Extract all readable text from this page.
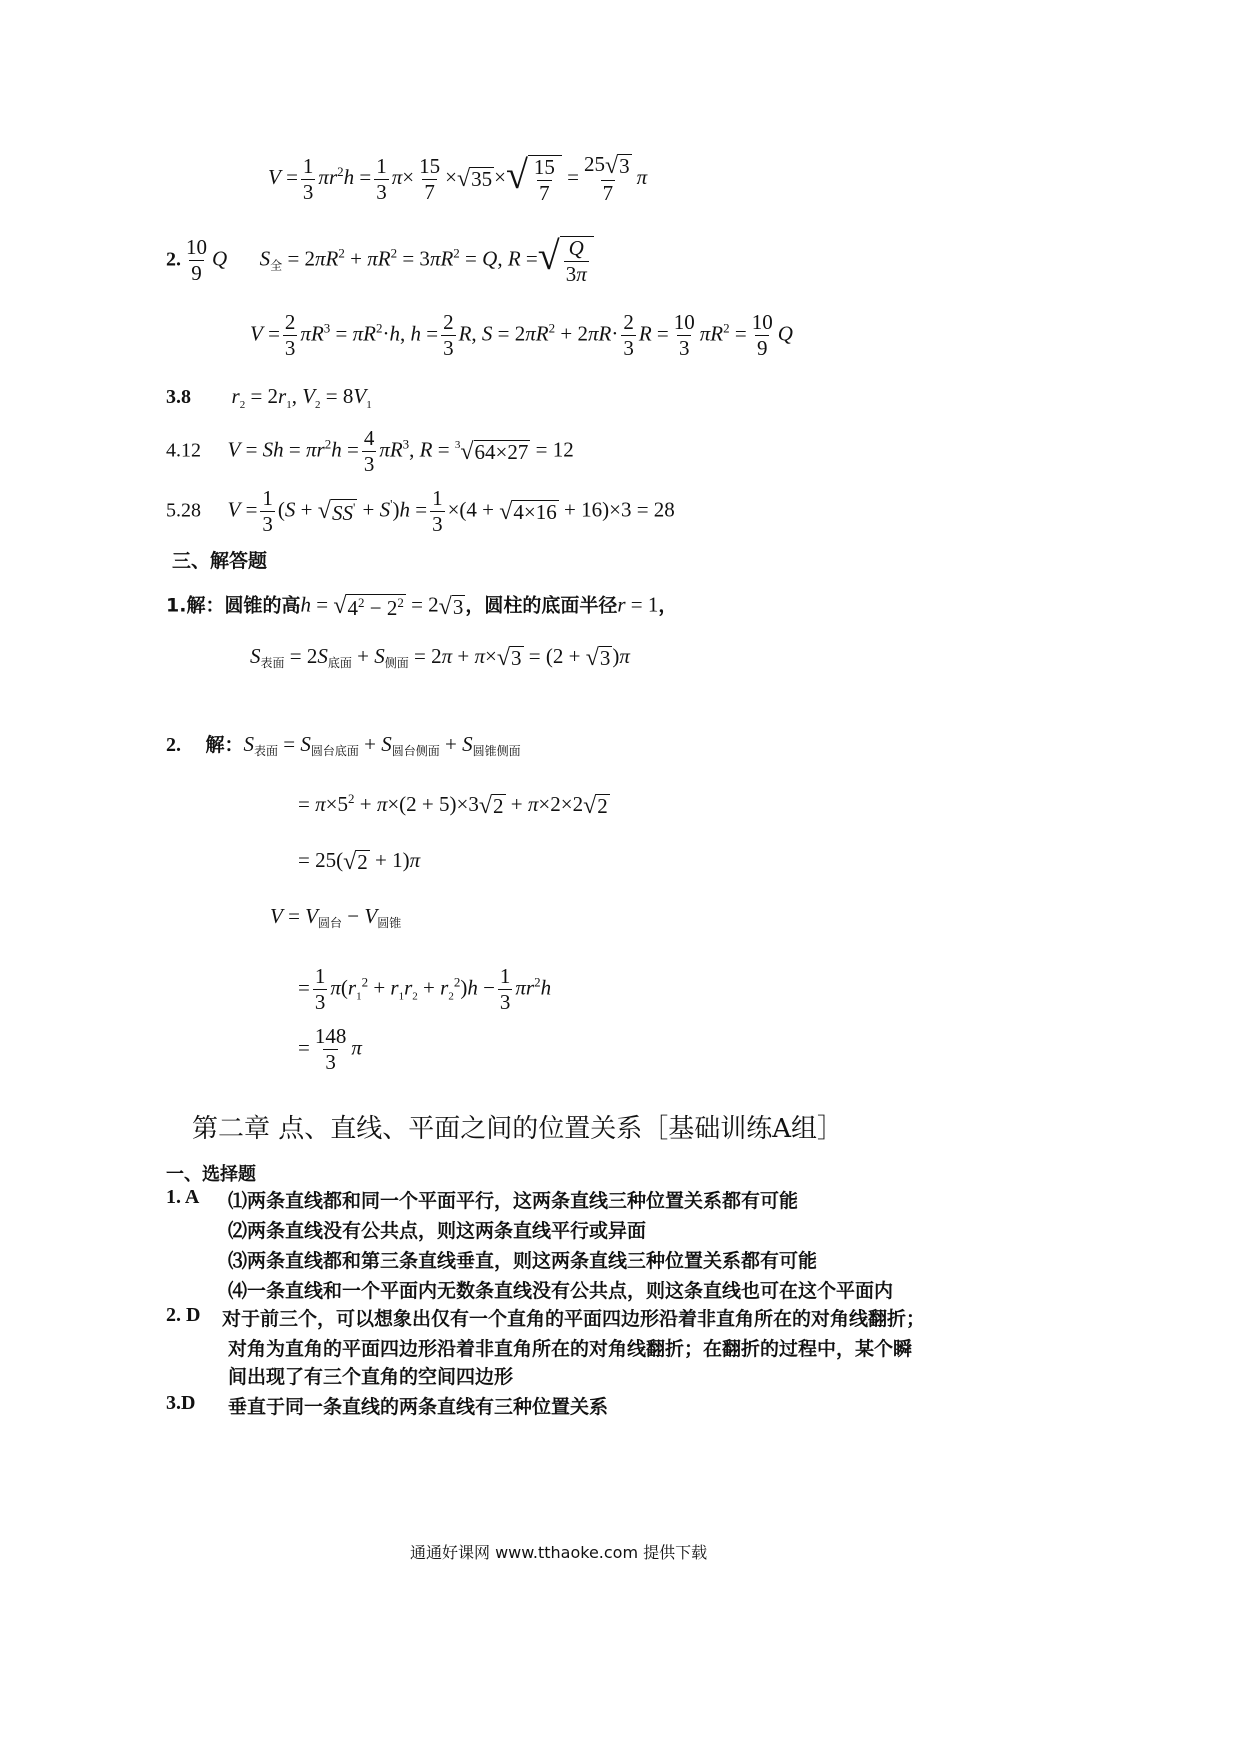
$V = \frac{1}{3} \pi r^2h = \frac{1}{3} \pi\times \frac{15}{7}$ × √ 35 × √ $\frac{15}{7} = \frac{25 √ 3}{7}$ π
2. $\frac{10}{9}$ Q S全 = $2\pi R^2 + \pi R^2 = 3\pi R^2 = Q$, R = √ $\frac{Q}{3\pi}$
$V = \frac{2}{3} \pi R^3 = \pi R^2\cdot h$, $h = \frac{2}{3} R$, $S = 2\pi R^2 + 2\pi R\cdot \frac{2}{3}$ $R = \frac{10}{3} \pi R^2 = \frac{10}{9}$ Q
3.8 $r_2 = 2r_1$, $V_2 = 8V_1$
4.12 $V = Sh = \pi r^2h = \frac{4}{3} \pi R^3$, R = $^3$√ 64×27 = 12
5.28 $V = \frac{1}{3} (S$ + √ $SS' + S')h = \frac{1}{3} \times(4$ + √ 4×16 + 16)×3 = 28
三、解答题
1.解：圆锥的高h = √ $4^2 - 2^2 = 2$ √ 3 ，圆柱的底面半径r = 1，
S表面 = 2S底面 + S侧面 = 2π + π× √ 3 = (2 + √ 3 )π
2. 解：S表面 = S圆台底面 + S圆台侧面 + S圆锥侧面
= $\pi\times 5^2 + \pi\times(2 + 5)\times 3$ √ 2 + π×2×2 √ 2
= 25( √ 2 + 1)π
V = V圆台 − V圆锥
= $\frac{1}{3} \pi(r_1^2 + r_1r_2 + r_2^2)h - \frac{1}{3} \pi r^2h$
= $\frac{148}{3}$ π
第二章 点、直线、平面之间的位置关系［基础训练A组］
一、选择题
1. A ⑴两条直线都和同一个平面平行，这两条直线三种位置关系都有可能
⑵两条直线没有公共点，则这两条直线平行或异面
⑶两条直线都和第三条直线垂直，则这两条直线三种位置关系都有可能
⑷一条直线和一个平面内无数条直线没有公共点，则这条直线也可在这个平面内
2. D 对于前三个，可以想象出仅有一个直角的平面四边形沿着非直角所在的对角线翻折；
对角为直角的平面四边形沿着非直角所在的对角线翻折；在翻折的过程中，某个瞬
间出现了有三个直角的空间四边形
3.D 垂直于同一条直线的两条直线有三种位置关系
通通好课网 www.tthaoke.com 提供下载
